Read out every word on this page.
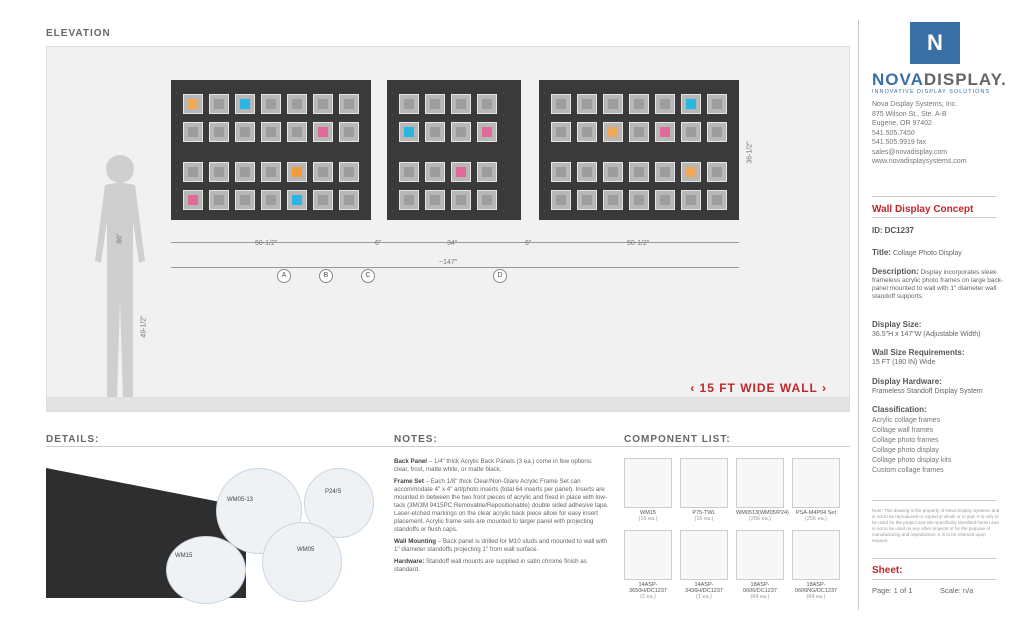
ELEVATION
36-1/2"
86"
49-1/2"
50-1/2"	6"	34"	6"	50-1/2"
~147"
A	B	C	D
‹ 15 FT WIDE WALL ›
DETAILS:	NOTES:	COMPONENT LIST:
WM05-13
P24/S
WM05
WM15
Back Panel – 1/4" thick Acrylic Back Panels (3 ea.) come in few options: clear, frost, matte white, or matte black.
Frame Set – Each 1/8" thick Clear/Non-Glare Acrylic Frame Set can accommodate 4" x 4" art/photo inserts (total 64 inserts per panel). Inserts are mounted in between the two front pieces of acrylic and fixed in place with low-tack (3M/3M 9415PC Removable/Repositionable) double sided adhesive tape. Laser-etched markings on the clear acrylic back piece allow for easy insert placement. Acrylic frame sets are mounted to larger panel with projecting standoffs or flush caps.
Wall Mounting – Back panel is drilled for M10 studs and mounted to wall with 1" diameter standoffs projecting 1" from wall surface.
Hardware: Standoff wall mounts are supplied in satin chrome finish as standard.
WM15
(16 ea.)
P75-TWL
(16 ea.)
WM0513(WM05/P24)
(256 ea.)
PSA-M4P04 Set
(256 ea.)
14ASP-3650H/DC1237
(2 ea.)
14ASP-3436H/DC1237
(1 ea.)
18ASP-0606/DC1237
(64 ea.)
18ASP-0606NG/DC1237
(64 ea.)
N
NOVADISPLAY.
INNOVATIVE DISPLAY SOLUTIONS
Nova Display Systems, Inc.
875 Wilson St., Ste. A-B
Eugene, OR 97402
541.505.7450
541.505.9919 fax
sales@novadisplay.com
www.novadisplaysystems.com
Wall Display Concept
ID: DC1237
Title: Collage Photo Display
Description: Display incorporates sleek frameless acrylic photo frames on large back-panel mounted to wall with 1" diameter wall standoff supports.
Display Size:
36.5"H x 147"W (Adjustable Width)
Wall Size Requirements:
15 FT (180 IN) Wide
Display Hardware:
Frameless Standoff Display System
Classification:
Acrylic collage frames
Collage wall frames
Collage photo frames
Collage photo display
Collage photo display kits
Custom collage frames
Note: This drawing is the property of Nova Display Systems and is not to be reproduced or copied in whole or in part. It is only to be used for the project and site specifically identified herein and is not to be used on any other projects or for the purpose of manufacturing and reproduction. It is to be returned upon request.
Sheet:
Page: 1 of 1	Scale: n/a
